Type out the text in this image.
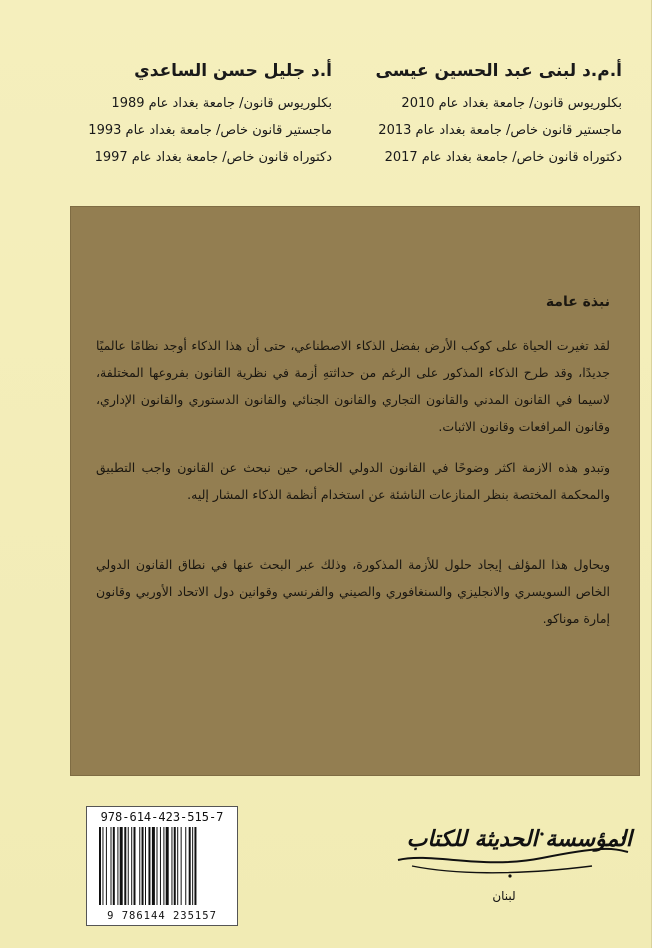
أ.م.د لبنى عبد الحسين عيسى
بكلوريوس قانون/ جامعة بغداد عام 2010
ماجستير قانون خاص/ جامعة بغداد عام 2013
دكتوراه قانون خاص/ جامعة بغداد عام 2017
أ.د جليل حسن الساعدي
بكلوريوس قانون/ جامعة بغداد عام 1989
ماجستير قانون خاص/ جامعة بغداد عام 1993
دكتوراه قانون خاص/ جامعة بغداد عام 1997
نبذة عامة
لقد تغيرت الحياة على كوكب الأرض بفضل الذكاء الاصطناعي، حتى أن هذا الذكاء أوجد نظامًا عالميًا جديدًا، وقد طرح الذكاء المذكور على الرغم من حداثتهِ أزمة في نظرية القانون بفروعها المختلفة، لاسيما في القانون المدني والقانون التجاري والقانون الجنائي والقانون الدستوري والقانون الإداري، وقانون المرافعات وقانون الاثبات.
وتبدو هذه الازمة اكثر وضوحًا في القانون الدولي الخاص، حين نبحث عن القانون واجب التطبيق والمحكمة المختصة بنظر المنازعات الناشئة عن استخدام أنظمة الذكاء المشار إليه.
ويحاول هذا المؤلف إيجاد حلول للأزمة المذكورة، وذلك عبر البحث عنها في نطاق القانون الدولي الخاص السويسري والانجليزي والسنغافوري والصيني والفرنسي وقوانين دول الاتحاد الأوربي وقانون إمارة موناكو.
978-614-423-515-7
9 786144 235157
المؤسسة الحديثة للكتاب
لبنان
